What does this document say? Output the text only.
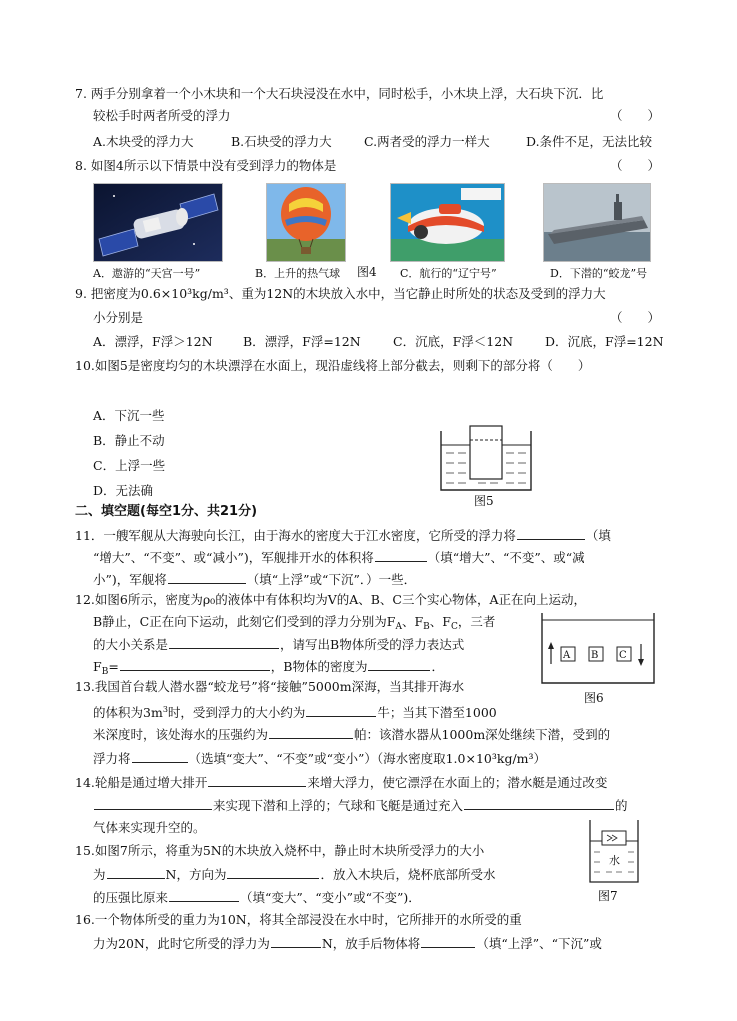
7. 两手分别拿着一个小木块和一个大石块浸没在水中，同时松手，小木块上浮，大石块下沉．比
较松手时两者所受的浮力	（　　）
A.木块受的浮力大	B.石块受的浮力大	C.两者受的浮力一样大	D.条件不足，无法比较
8. 如图4所示以下情景中没有受到浮力的物体是	（　　）
A．遨游的“天宫一号”	B．上升的热气球 图4 C．航行的“辽宁号”	D．下潜的“蛟龙”号
9. 把密度为0.6×10³kg/m³、重为12N的木块放入水中，当它静止时所处的状态及受到的浮力大
小分别是	（　　）
A．漂浮，F浮＞12N B．漂浮，F浮=12N	C．沉底，F浮＜12N	D．沉底，F浮=12N
10.如图5是密度均匀的木块漂浮在水面上，现沿虚线将上部分截去，则剩下的部分将（　　）
A．下沉一些
B．静止不动
C．上浮一些
D．无法确
图5
二、填空题(每空1分、共21分)
11．一艘军舰从大海驶向长江，由于海水的密度大于江水密度，它所受的浮力将	（填
“增大”、“不变”、或“减小”)，军舰排开水的体积将	（填“增大”、“不变”、或“减
小”)，军舰将	（填“上浮”或“下沉”．）一些．
12.如图6所示，密度为ρ₀的液体中有体积均为V的A、B、C三个实心物体，A正在向上运动，
B静止，C正在向下运动，此刻它们受到的浮力分别为$F_A$、$F_B$、$F_C$，三者
的大小关系是	，请写出B物体所受的浮力表达式
$F_B=$	，B物体的密度为	．
A B C
图6
13.我国首台载人潜水器“蛟龙号”将“接触”5000m深海，当其排开海水
的体积为$3m^3$时，受到浮力的大小约为	牛；当其下潜至1000
米深度时，该处海水的压强约为	帕：该潜水器从1000m深处继续下潜，受到的
浮力将	（选填“变大”、“不变”或“变小”）（海水密度取1.0×10³kg/m³）
14.轮船是通过增大排开	来增大浮力，使它漂浮在水面上的；潜水艇是通过改变
来实现下潜和上浮的；气球和飞艇是通过充入	的
气体来实现升空的。
15.如图7所示，将重为5N的木块放入烧杯中，静止时木块所受浮力的大小
为	N，方向为	．放入木块后，烧杯底部所受水
的压强比原来	（填“变大”、“变小”或“不变”)．
水
图7
16.一个物体所受的重力为10N，将其全部浸没在水中时，它所排开的水所受的重
力为20N，此时它所受的浮力为	N，放手后物体将	（填“上浮”、“下沉”或
